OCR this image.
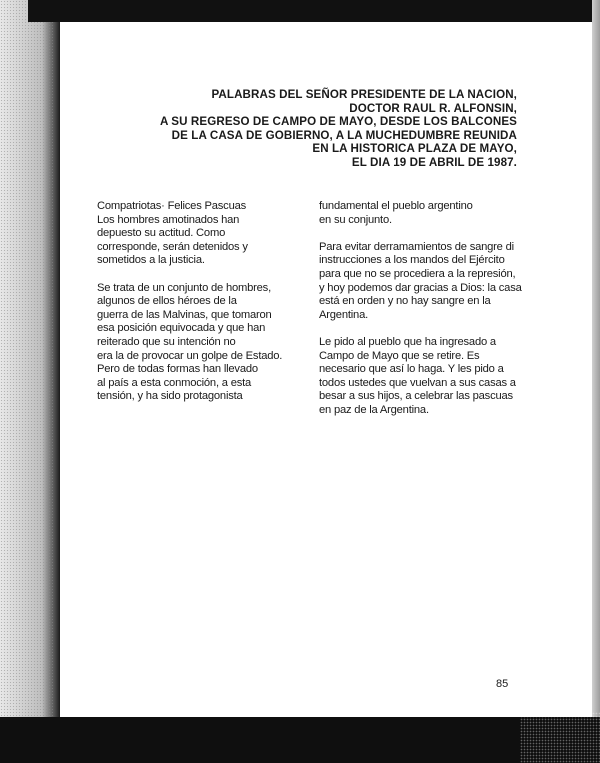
PALABRAS DEL SEÑOR PRESIDENTE DE LA NACION,
DOCTOR RAUL R. ALFONSIN,
A SU REGRESO DE CAMPO DE MAYO, DESDE LOS BALCONES
DE LA CASA DE GOBIERNO, A LA MUCHEDUMBRE REUNIDA
EN LA HISTORICA PLAZA DE MAYO,
EL DIA 19 DE ABRIL DE 1987.

Compatriotas· Felices Pascuas
Los hombres amotinados han
depuesto su actitud. Como
corresponde, serán detenidos y
sometidos a la justicia.

Se trata de un conjunto de hombres,
algunos de ellos héroes de la
guerra de las Malvinas, que tomaron
esa posición equivocada y que han
reiterado que su intención no
era la de provocar un golpe de Estado.
Pero de todas formas han llevado
al país a esta conmoción, a esta
tensión, y ha sido protagonista

fundamental el pueblo argentino
en su conjunto.

Para evitar derramamientos de sangre di
instrucciones a los mandos del Ejército
para que no se procediera a la represión,
y hoy podemos dar gracias a Dios: la casa
está en orden y no hay sangre en la
Argentina.

Le pido al pueblo que ha ingresado a
Campo de Mayo que se retire. Es
necesario que así lo haga. Y les pido a
todos ustedes que vuelvan a sus casas a
besar a sus hijos, a celebrar las pascuas
en paz de la Argentina.

85
